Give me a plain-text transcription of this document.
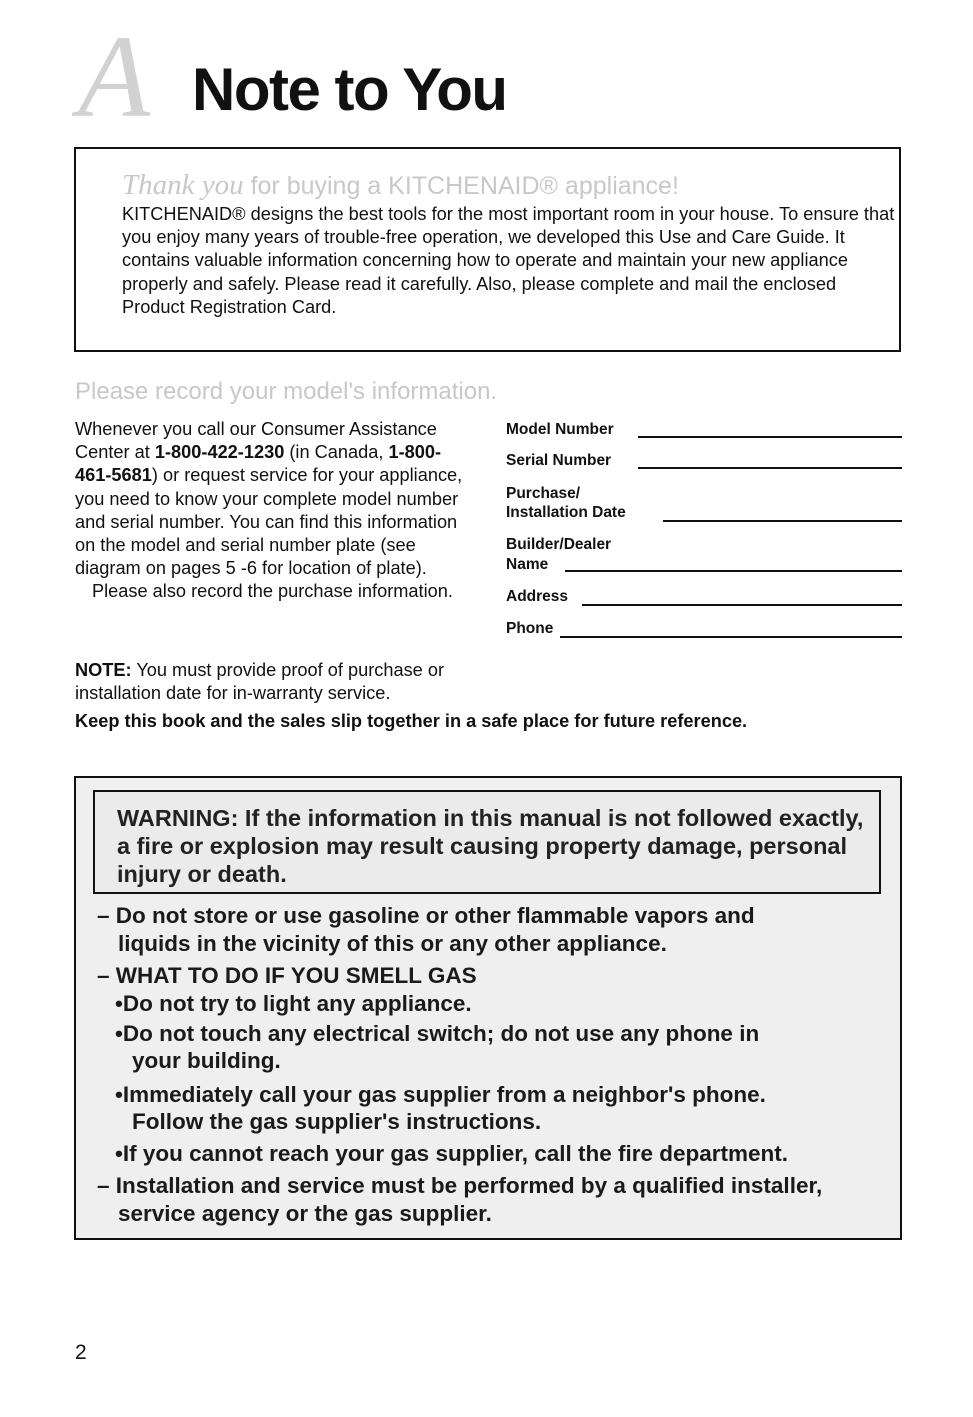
A Note to You
Thank you for buying a KITCHENAID® appliance!
KITCHENAID® designs the best tools for the most important room in your house. To ensure that you enjoy many years of trouble-free operation, we developed this Use and Care Guide. It contains valuable information concerning how to operate and maintain your new appliance properly and safely. Please read it carefully. Also, please complete and mail the enclosed Product Registration Card.
Please record your model's information.

Whenever you call our Consumer Assistance Center at 1-800-422-1230 (in Canada, 1-800-461-5681) or request service for your appliance, you need to know your complete model number and serial number. You can find this information on the model and serial number plate (see diagram on pages 5 -6 for location of plate).

Please also record the purchase information.

NOTE: You must provide proof of purchase or installation date for in-warranty service.
Keep this book and the sales slip together in a safe place for future reference.
Model Number
Serial Number
Purchase/
Installation Date
Builder/Dealer
Name
Address
Phone
WARNING: If the information in this manual is not followed exactly, a fire or explosion may result causing property damage, personal injury or death.
– Do not store or use gasoline or other flammable vapors and
liquids in the vicinity of this or any other appliance.
– WHAT TO DO IF YOU SMELL GAS
•Do not try to light any appliance.
•Do not touch any electrical switch; do not use any phone in
your building.
•Immediately call your gas supplier from a neighbor's phone.
Follow the gas supplier's instructions.
•If you cannot reach your gas supplier, call the fire department.
– Installation and service must be performed by a qualified installer,
service agency or the gas supplier.
2
